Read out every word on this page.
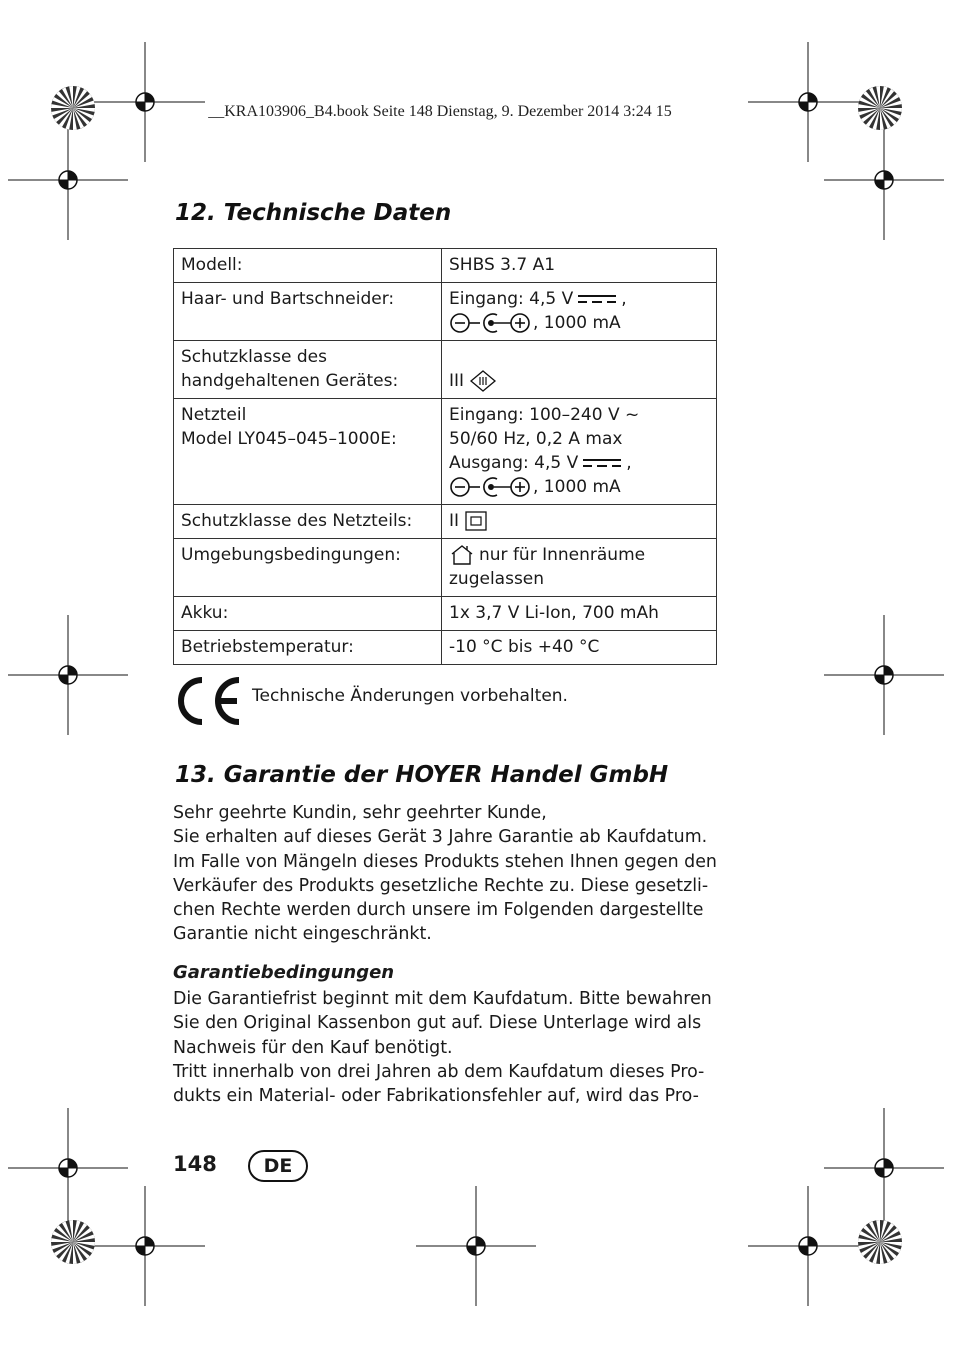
__KRA103906_B4.book Seite 148 Dienstag, 9. Dezember 2014 3:24 15
12. Technische Daten
Modell:	SHBS 3.7 A1

Haar- und Bartschneider:	Eingang: 4,5 V ,
, 1000 mA

Schutzklasse des
handgehaltenen Gerätes:	III

Netzteil
Model LY045–045–1000E:	Eingang: 100–240 V ~
50/60 Hz, 0,2 A max
Ausgang: 4,5 V ,
, 1000 mA

Schutzklasse des Netzteils:	II

Umgebungsbedingungen:	nur für Innenräume
zugelassen

Akku:	1x 3,7 V Li-Ion, 700 mAh

Betriebstemperatur:	-10 °C bis +40 °C
Technische Änderungen vorbehalten.
13. Garantie der HOYER Handel GmbH

Sehr geehrte Kundin, sehr geehrter Kunde,

Sie erhalten auf dieses Gerät 3 Jahre Garantie ab Kaufdatum.

Im Falle von Mängeln dieses Produkts stehen Ihnen gegen den

Verkäufer des Produkts gesetzliche Rechte zu. Diese gesetzli-

chen Rechte werden durch unsere im Folgenden dargestellte

Garantie nicht eingeschränkt.

Garantiebedingungen

Die Garantiefrist beginnt mit dem Kaufdatum. Bitte bewahren

Sie den Original Kassenbon gut auf. Diese Unterlage wird als

Nachweis für den Kauf benötigt.

Tritt innerhalb von drei Jahren ab dem Kaufdatum dieses Pro-

dukts ein Material- oder Fabrikationsfehler auf, wird das Pro-

148	DE
